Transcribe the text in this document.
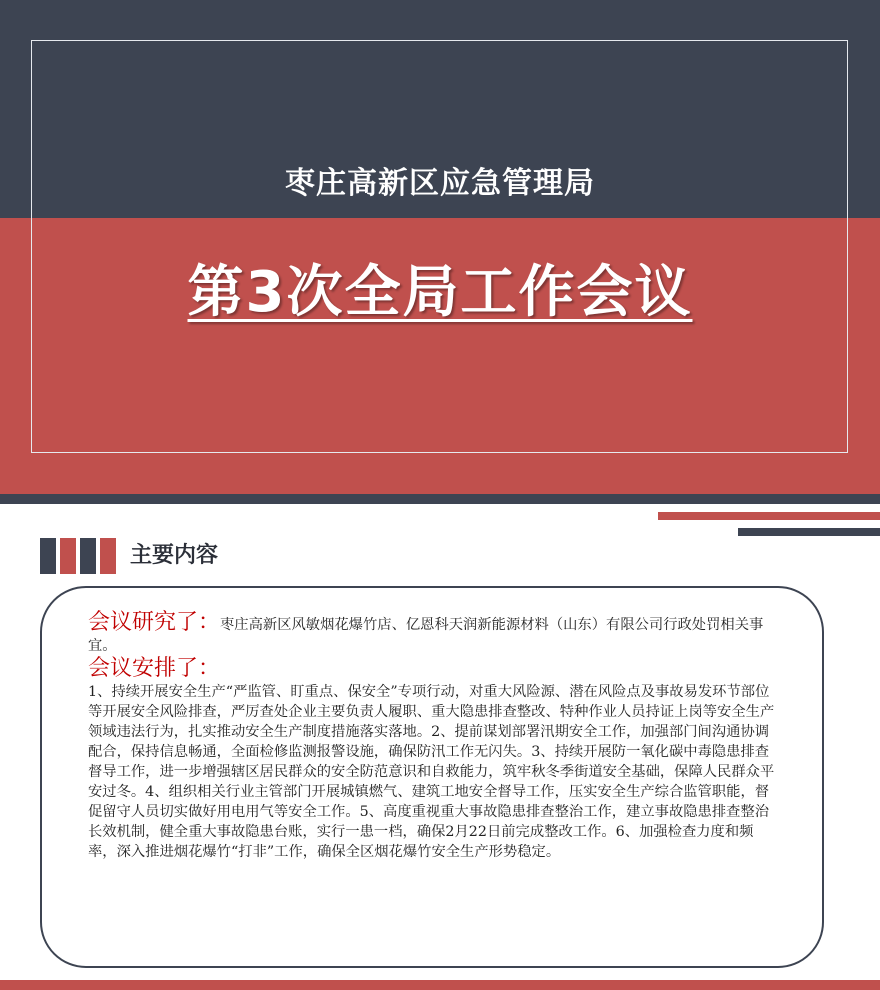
枣庄高新区应急管理局
第3次全局工作会议
主要内容

会议研究了：枣庄高新区风敏烟花爆竹店、亿恩科天润新能源材料（山东）有限公司行政处罚相关事宜。

会议安排了：

1、持续开展安全生产“严监管、盯重点、保安全”专项行动，对重大风险源、潜在风险点及事故易发环节部位等开展安全风险排查，严厉查处企业主要负责人履职、重大隐患排查整改、特种作业人员持证上岗等安全生产领域违法行为，扎实推动安全生产制度措施落实落地。2、提前谋划部署汛期安全工作，加强部门间沟通协调配合，保持信息畅通，全面检修监测报警设施，确保防汛工作无闪失。3、持续开展防一氧化碳中毒隐患排查督导工作，进一步增强辖区居民群众的安全防范意识和自救能力，筑牢秋冬季街道安全基础，保障人民群众平安过冬。4、组织相关行业主管部门开展城镇燃气、建筑工地安全督导工作，压实安全生产综合监管职能，督促留守人员切实做好用电用气等安全工作。5、高度重视重大事故隐患排查整治工作，建立事故隐患排查整治长效机制，健全重大事故隐患台账，实行一患一档，确保2月22日前完成整改工作。6、加强检查力度和频率，深入推进烟花爆竹“打非”工作，确保全区烟花爆竹安全生产形势稳定。
